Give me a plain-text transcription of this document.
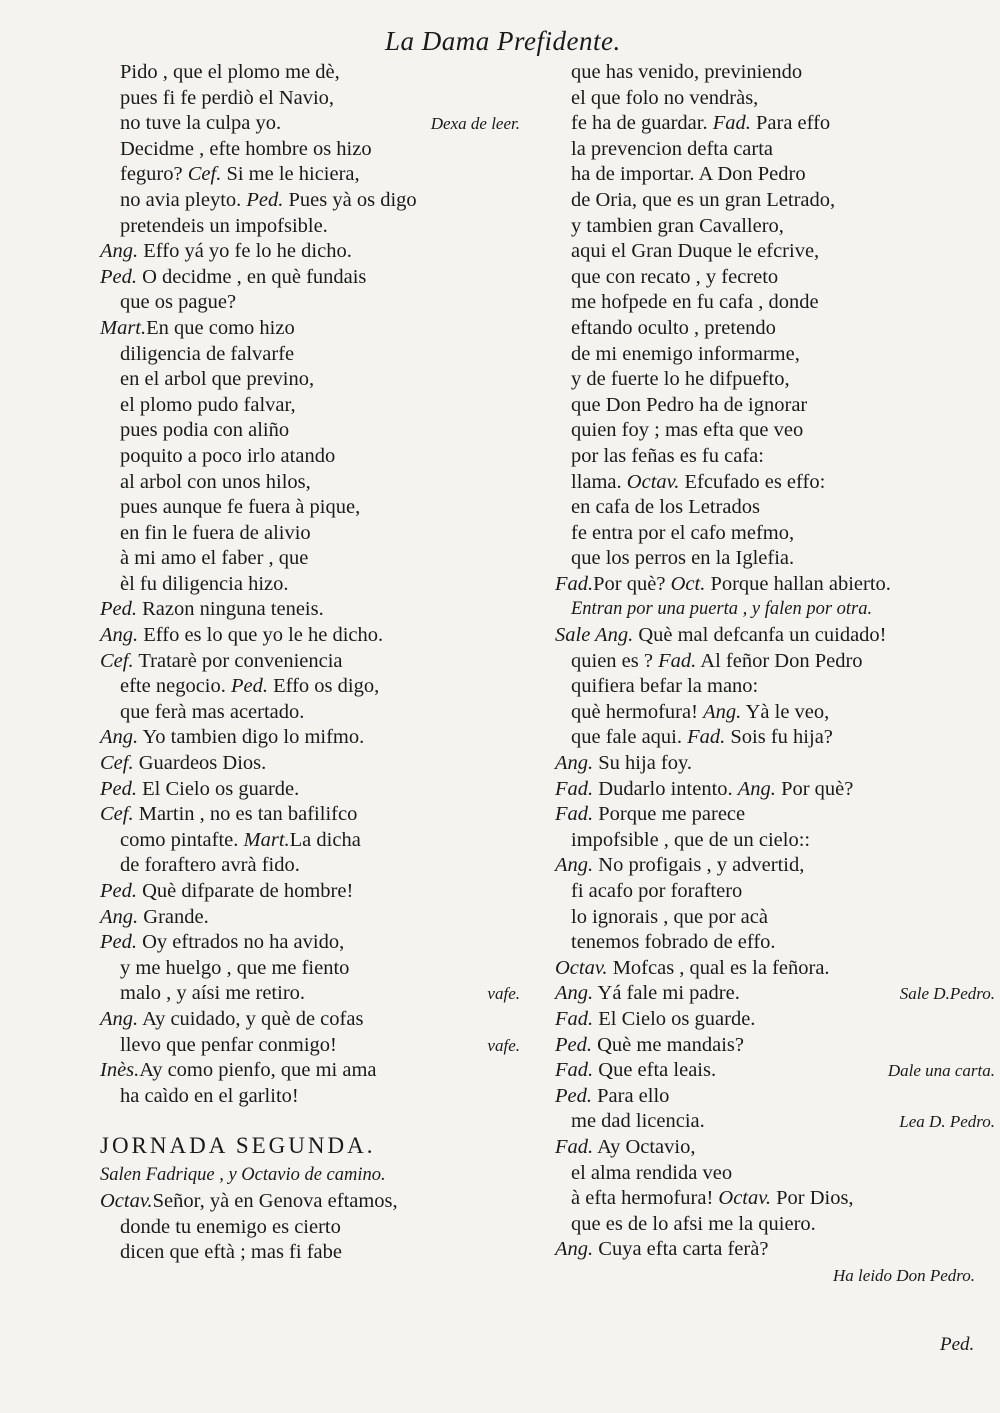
La Dama Prefidente.
Pido , que el plomo me dè,
pues fi fe perdiò el Navio,
no tuve la culpa yo.	Dexa de leer.
Decidme , efte hombre os hizo
feguro? Cef. Si me le hiciera,
no avia pleyto. Ped. Pues yà os digo
pretendeis un impofsible.
Ang. Effo yá yo fe lo he dicho.
Ped. O decidme , en què fundais
que os pague?
Mart.En que como hizo
diligencia de falvarfe
en el arbol que previno,
el plomo pudo falvar,
pues podia con aliño
poquito a poco irlo atando
al arbol con unos hilos,
pues aunque fe fuera à pique,
en fin le fuera de alivio
à mi amo el faber , que
èl fu diligencia hizo.
Ped. Razon ninguna teneis.
Ang. Effo es lo que yo le he dicho.
Cef. Tratarè por conveniencia
efte negocio. Ped. Effo os digo,
que ferà mas acertado.
Ang. Yo tambien digo lo mifmo.
Cef. Guardeos Dios.
Ped. El Cielo os guarde.
Cef. Martin , no es tan bafilifco
como pintafte. Mart.La dicha
de foraftero avrà fido.
Ped. Què difparate de hombre!
Ang. Grande.
Ped. Oy eftrados no ha avido,
y me huelgo , que me fiento
malo , y aísi me retiro.	vafe.
Ang. Ay cuidado, y què de cofas
llevo que penfar conmigo!	vafe.
Inès.Ay como pienfo, que mi ama
ha caìdo en el garlito!
JORNADA SEGUNDA.
Salen Fadrique , y Octavio de camino.
Octav.Señor, yà en Genova eftamos,
donde tu enemigo es cierto
dicen que eftà ; mas fi fabe
que has venido, previniendo
el que folo no vendràs,
fe ha de guardar. Fad. Para effo
la prevencion defta carta
ha de importar. A Don Pedro
de Oria, que es un gran Letrado,
y tambien gran Cavallero,
aqui el Gran Duque le efcrive,
que con recato , y fecreto
me hofpede en fu cafa , donde
eftando oculto , pretendo
de mi enemigo informarme,
y de fuerte lo he difpuefto,
que Don Pedro ha de ignorar
quien foy ; mas efta que veo
por las feñas es fu cafa:
llama. Octav. Efcufado es effo:
en cafa de los Letrados
fe entra por el cafo mefmo,
que los perros en la Iglefia.
Fad.Por què? Oct. Porque hallan abierto.
Entran por una puerta , y falen por otra.
Sale Ang. Què mal defcanfa un cuidado!
quien es ? Fad. Al feñor Don Pedro
quifiera befar la mano:
què hermofura! Ang. Yà le veo,
que fale aqui. Fad. Sois fu hija?
Ang. Su hija foy.
Fad. Dudarlo intento. Ang. Por què?
Fad. Porque me parece
impofsible , que de un cielo::
Ang. No profigais , y advertid,
fi acafo por foraftero
lo ignorais , que por acà
tenemos fobrado de effo.
Octav. Mofcas , qual es la feñora.
Ang. Yá fale mi padre.	Sale D.Pedro.
Fad. El Cielo os guarde.
Ped. Què me mandais?
Fad. Que efta leais.	Dale una carta.
Ped. Para ello
me dad licencia.	Lea D. Pedro.
Fad. Ay Octavio,
el alma rendida veo
à efta hermofura! Octav. Por Dios,
que es de lo afsi me la quiero.
Ang. Cuya efta carta ferà?
Ha leido Don Pedro.
Ped.
